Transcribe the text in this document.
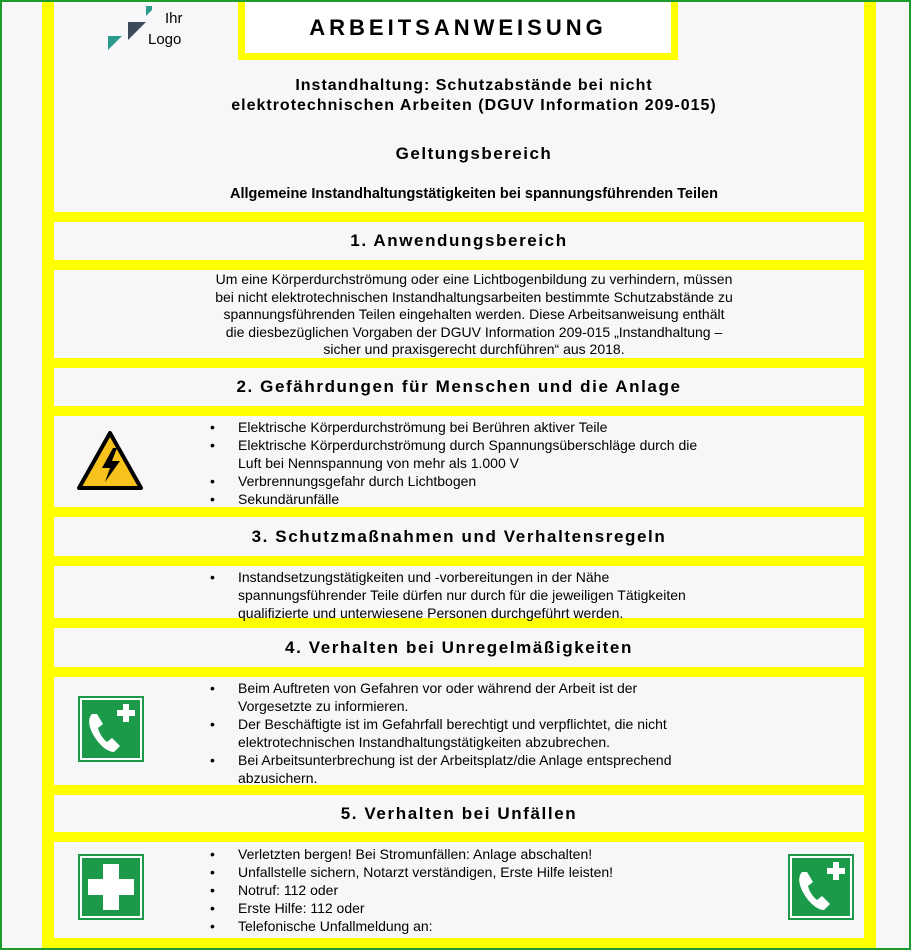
Ihr
Logo	ARBEITSANWEISUNG
Instandhaltung: Schutzabstände bei nicht
elektrotechnischen Arbeiten (DGUV Information 209-015)
Geltungsbereich
Allgemeine Instandhaltungstätigkeiten bei spannungsführenden Teilen
1. Anwendungsbereich
Um eine Körperdurchströmung oder eine Lichtbogenbildung zu verhindern, müssen
bei nicht elektrotechnischen Instandhaltungsarbeiten bestimmte Schutzabstände zu
spannungsführenden Teilen eingehalten werden. Diese Arbeitsanweisung enthält
die diesbezüglichen Vorgaben der DGUV Information 209-015 „Instandhaltung –
sicher und praxisgerecht durchführen“ aus 2018.
2. Gefährdungen für Menschen und die Anlage
• Elektrische Körperdurchströmung bei Berühren aktiver Teile
• Elektrische Körperdurchströmung durch Spannungsüberschläge durch die
Luft bei Nennspannung von mehr als 1.000 V
• Verbrennungsgefahr durch Lichtbogen
• Sekundärunfälle
3. Schutzmaßnahmen und Verhaltensregeln
• Instandsetzungstätigkeiten und -vorbereitungen in der Nähe
spannungsführender Teile dürfen nur durch für die jeweiligen Tätigkeiten
qualifizierte und unterwiesene Personen durchgeführt werden.
4. Verhalten bei Unregelmäßigkeiten
• Beim Auftreten von Gefahren vor oder während der Arbeit ist der
Vorgesetzte zu informieren.
• Der Beschäftigte ist im Gefahrfall berechtigt und verpflichtet, die nicht
elektrotechnischen Instandhaltungstätigkeiten abzubrechen.
• Bei Arbeitsunterbrechung ist der Arbeitsplatz/die Anlage entsprechend
abzusichern.
5. Verhalten bei Unfällen
• Verletzten bergen! Bei Stromunfällen: Anlage abschalten!
• Unfallstelle sichern, Notarzt verständigen, Erste Hilfe leisten!
• Notruf: 112 oder
• Erste Hilfe: 112 oder
• Telefonische Unfallmeldung an:
